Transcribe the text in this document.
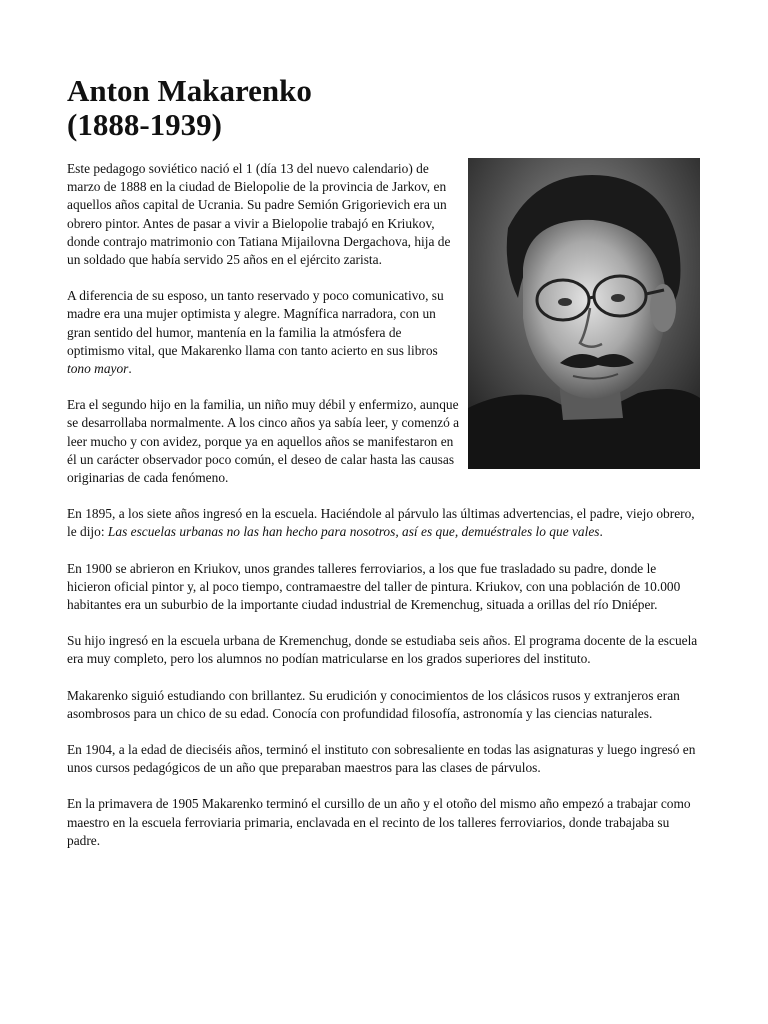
Anton Makarenko
(1888-1939)

Este pedagogo soviético nació el 1 (día 13 del nuevo calendario) de marzo de 1888 en la ciudad de Bielopolie de la provincia de Jarkov, en aquellos años capital de Ucrania. Su padre Semión Grigorievich era un obrero pintor. Antes de pasar a vivir a Bielopolie trabajó en Kriukov, donde contrajo matrimonio con Tatiana Mijailovna Dergachova, hija de un soldado que había servido 25 años en el ejército zarista.

A diferencia de su esposo, un tanto reservado y poco comunicativo, su madre era una mujer optimista y alegre. Magnífica narradora, con un gran sentido del humor, mantenía en la familia la atmósfera de optimismo vital, que Makarenko llama con tanto acierto en sus libros tono mayor.

Era el segundo hijo en la familia, un niño muy débil y enfermizo, aunque se desarrollaba normalmente. A los cinco años ya sabía leer, y comenzó a leer mucho y con avidez, porque ya en aquellos años se manifestaron en él un carácter observador poco común, el deseo de calar hasta las causas originarias de cada fenómeno.

En 1895, a los siete años ingresó en la escuela. Haciéndole al párvulo las últimas advertencias, el padre, viejo obrero, le dijo: Las escuelas urbanas no las han hecho para nosotros, así es que, demuéstrales lo que vales.

En 1900 se abrieron en Kriukov, unos grandes talleres ferroviarios, a los que fue trasladado su padre, donde le hicieron oficial pintor y, al poco tiempo, contramaestre del taller de pintura. Kriukov, con una población de 10.000 habitantes era un suburbio de la importante ciudad industrial de Kremenchug, situada a orillas del río Dniéper.

Su hijo ingresó en la escuela urbana de Kremenchug, donde se estudiaba seis años. El programa docente de la escuela era muy completo, pero los alumnos no podían matricularse en los grados superiores del instituto.

Makarenko siguió estudiando con brillantez. Su erudición y conocimientos de los clásicos rusos y extranjeros eran asombrosos para un chico de su edad. Conocía con profundidad filosofía, astronomía y las ciencias naturales.

En 1904, a la edad de dieciséis años, terminó el instituto con sobresaliente en todas las asignaturas y luego ingresó en unos cursos pedagógicos de un año que preparaban maestros para las clases de párvulos.

En la primavera de 1905 Makarenko terminó el cursillo de un año y el otoño del mismo año empezó a trabajar como maestro en la escuela ferroviaria primaria, enclavada en el recinto de los talleres ferroviarios, donde trabajaba su padre.
